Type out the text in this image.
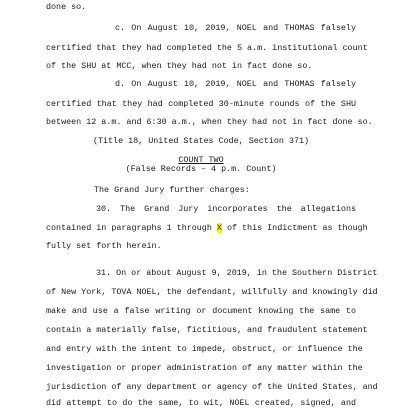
done so.
c. On August 10, 2019, NOEL and THOMAS falsely
certified that they had completed the 5 a.m. institutional count
of the SHU at MCC, when they had not in fact done so.
d. On August 10, 2019, NOEL and THOMAS falsely
certified that they had completed 30-minute rounds of the SHU
between 12 a.m. and 6:30 a.m., when they had not in fact done so.
(Title 18, United States Code, Section 371)
COUNT TWO
(False Records – 4 p.m. Count)
The Grand Jury further charges:
30. The Grand Jury incorporates the allegations
contained in paragraphs 1 through X of this Indictment as though
fully set forth herein.
31. On or about August 9, 2019, in the Southern District
of New York, TOVA NOEL, the defendant, willfully and knowingly did
make and use a false writing or document knowing the same to
contain a materially false, fictitious, and fraudulent statement
and entry with the intent to impede, obstruct, or influence the
investigation or proper administration of any matter within the
jurisdiction of any department or agency of the United States, and
did attempt to do the same, to wit, NOEL created, signed, and
